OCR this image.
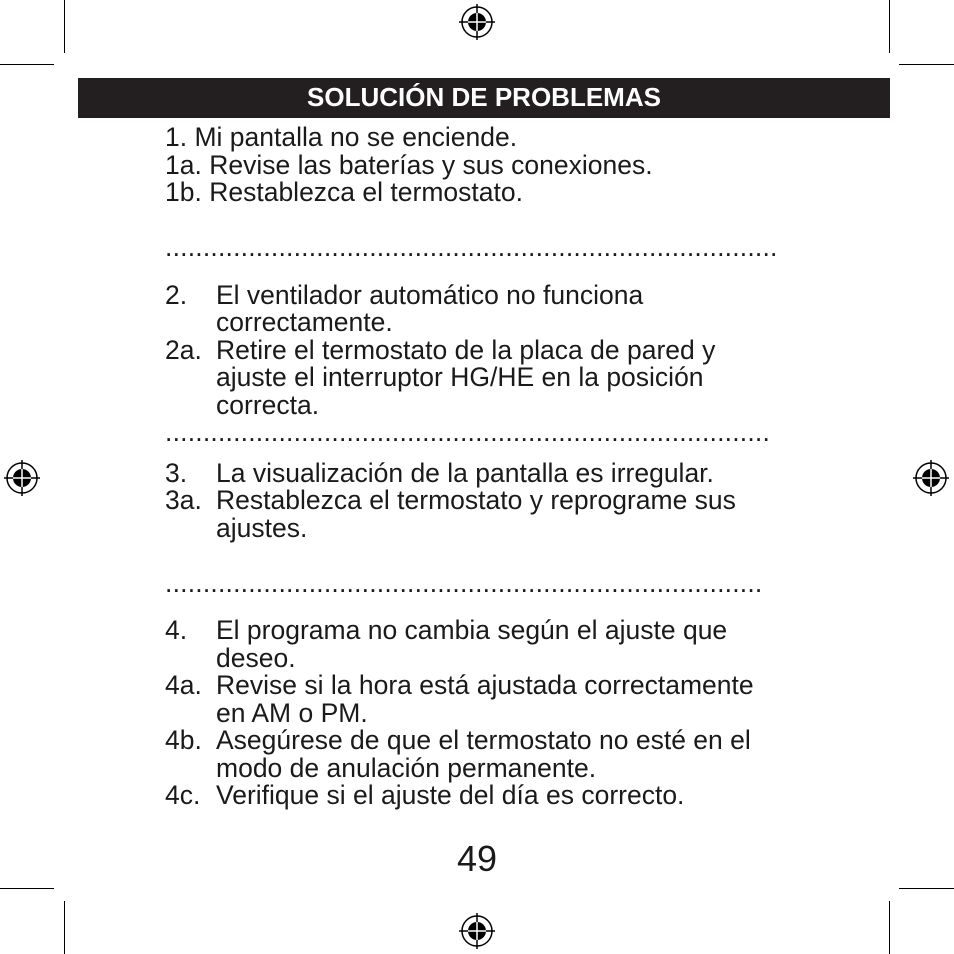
SOLUCIÓN DE PROBLEMAS
1.
Mi pantalla no se enciende.
1a.
Revise las baterías y sus conexiones.
1b.
Restablezca el termostato.
.................................................................................
2.	El ventilador automático no funciona
correctamente.
2a. Retire el termostato de la placa de pared y
ajuste el interruptor HG/HE en la posición
correcta.
................................................................................
3.	La visualización de la pantalla es irregular.
3a. Restablezca el termostato y reprograme sus
ajustes.
...............................................................................
4.	El programa no cambia según el ajuste que
deseo.
4a. Revise si la hora está ajustada correctamente
en AM o PM.
4b. Asegúrese de que el termostato no esté en el
modo de anulación permanente.
4c. Verifique si el ajuste del día es correcto.
49
